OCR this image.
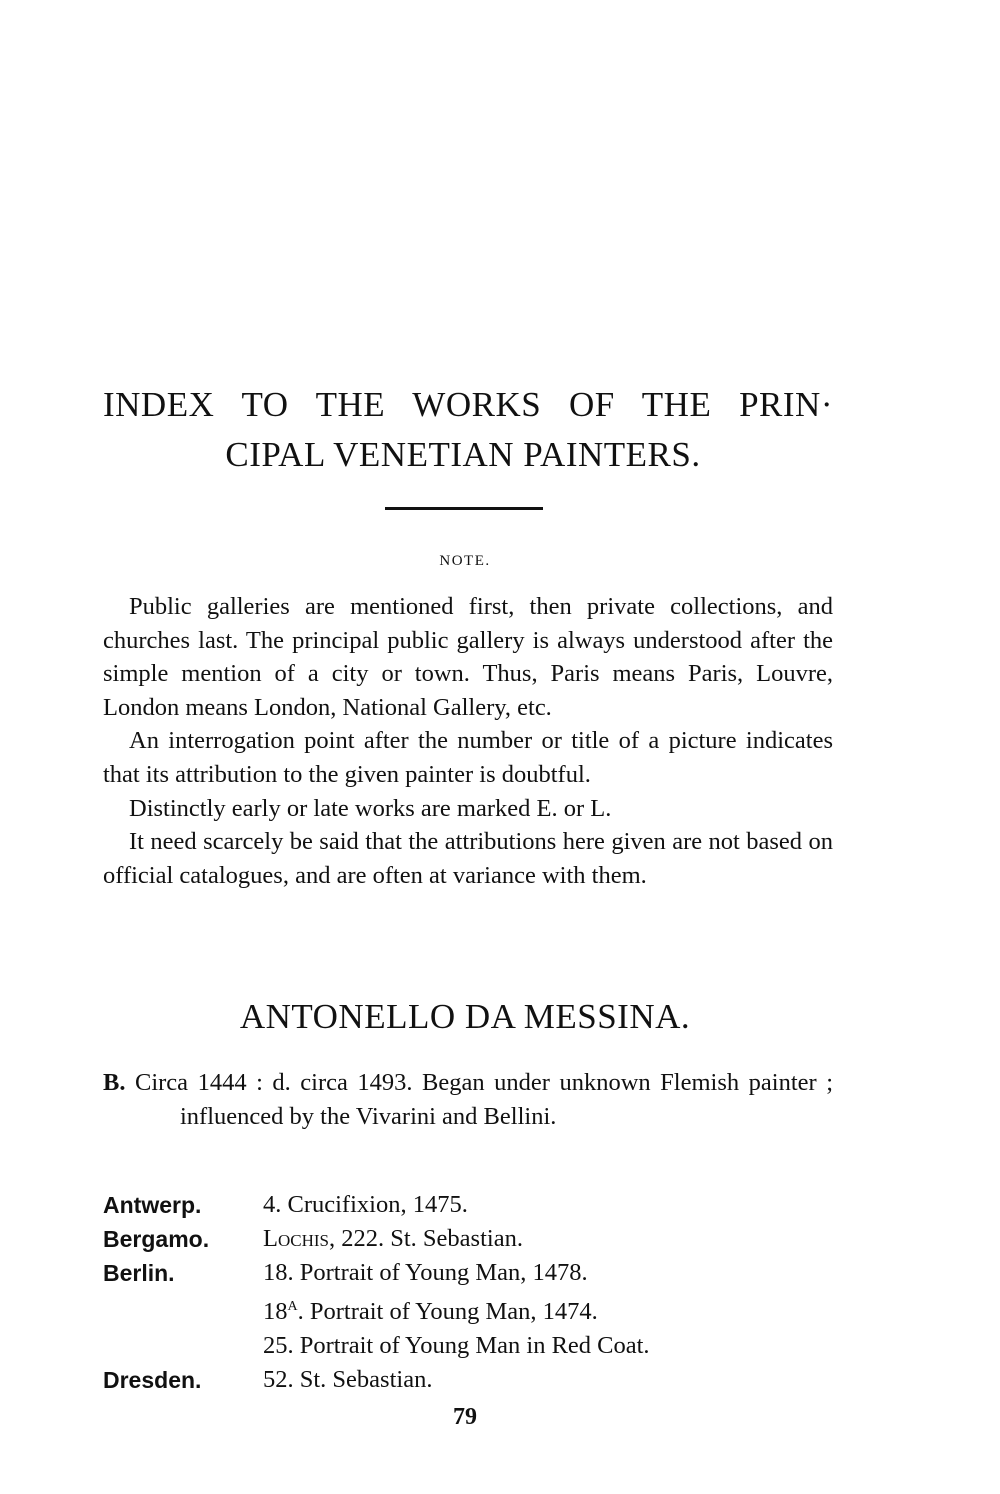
INDEX TO THE WORKS OF THE PRIN·
CIPAL VENETIAN PAINTERS.
NOTE.

Public galleries are mentioned first, then private collections, and churches last. The principal public gallery is always understood after the simple mention of a city or town. Thus, Paris means Paris, Louvre, London means London, National Gallery, etc.

An interrogation point after the number or title of a picture indicates that its attribution to the given painter is doubtful.

Distinctly early or late works are marked E. or L.

It need scarcely be said that the attributions here given are not based on official catalogues, and are often at variance with them.

ANTONELLO DA MESSINA.
B. Circa 1444 : d. circa 1493. Began under unknown Flemish painter ; influenced by the Vivarini and Bellini.
Antwerp.	4. Crucifixion, 1475.
Bergamo.	Lochis, 222. St. Sebastian.
Berlin.	18. Portrait of Young Man, 1478.
$18^A$. Portrait of Young Man, 1474.
25. Portrait of Young Man in Red Coat.
Dresden.	52. St. Sebastian.
79
